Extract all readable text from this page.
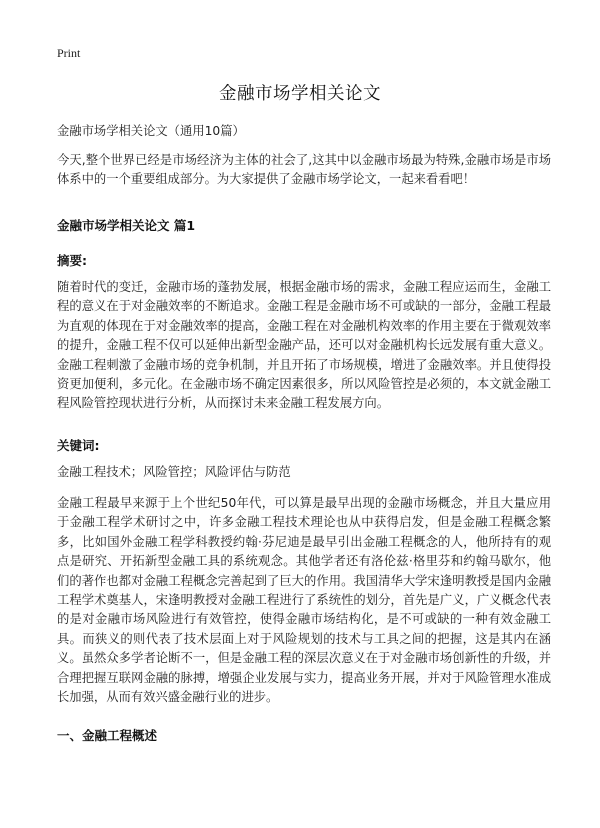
Print
金融市场学相关论文
金融市场学相关论文（通用10篇）
今天,整个世界已经是市场经济为主体的社会了,这其中以金融市场最为特殊,金融市场是市场体系中的一个重要组成部分。为大家提供了金融市场学论文，一起来看看吧！
金融市场学相关论文 篇1
摘要:
随着时代的变迁，金融市场的蓬勃发展，根据金融市场的需求，金融工程应运而生，金融工程的意义在于对金融效率的不断追求。金融工程是金融市场不可或缺的一部分，金融工程最为直观的体现在于对金融效率的提高，金融工程在对金融机构效率的作用主要在于微观效率的提升，金融工程不仅可以延伸出新型金融产品，还可以对金融机构长远发展有重大意义。金融工程刺激了金融市场的竞争机制，并且开拓了市场规模，增进了金融效率。并且使得投资更加便利，多元化。在金融市场不确定因素很多，所以风险管控是必须的，本文就金融工程风险管控现状进行分析，从而探讨未来金融工程发展方向。
关键词:
金融工程技术；风险管控；风险评估与防范
金融工程最早来源于上个世纪50年代，可以算是最早出现的金融市场概念，并且大量应用于金融工程学术研讨之中，许多金融工程技术理论也从中获得启发，但是金融工程概念繁多，比如国外金融工程学科教授约翰·芬尼迪是最早引出金融工程概念的人，他所持有的观点是研究、开拓新型金融工具的系统观念。其他学者还有洛伦兹·格里芬和约翰马歇尔，他们的著作也都对金融工程概念完善起到了巨大的作用。我国清华大学宋逢明教授是国内金融工程学术奠基人，宋逢明教授对金融工程进行了系统性的划分，首先是广义，广义概念代表的是对金融市场风险进行有效管控，使得金融市场结构化，是不可或缺的一种有效金融工具。而狭义的则代表了技术层面上对于风险规划的技术与工具之间的把握，这是其内在涵义。虽然众多学者论断不一，但是金融工程的深层次意义在于对金融市场创新性的升级，并合理把握互联网金融的脉搏，增强企业发展与实力，提高业务开展，并对于风险管理水准成长加强，从而有效兴盛金融行业的进步。
一、金融工程概述
